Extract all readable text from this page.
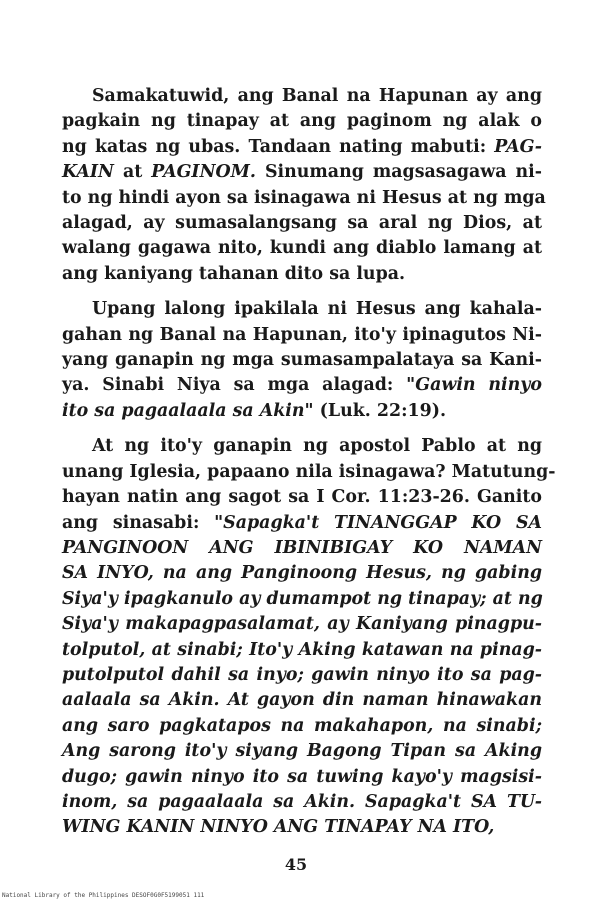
Samakatuwid, ang Banal na Hapunan ay ang
pagkain ng tinapay at ang paginom ng alak o
ng katas ng ubas. Tandaan nating mabuti: PAG-
KAIN at PAGINOM. Sinumang magsasagawa ni-
to ng hindi ayon sa isinagawa ni Hesus at ng mga
alagad, ay sumasalangsang sa aral ng Dios, at
walang gagawa nito, kundi ang diablo lamang at
ang kaniyang tahanan dito sa lupa.

Upang lalong ipakilala ni Hesus ang kahala-
gahan ng Banal na Hapunan, ito'y ipinagutos Ni-
yang ganapin ng mga sumasampalataya sa Kani-
ya. Sinabi Niya sa mga alagad: "Gawin ninyo
ito sa pagaalaala sa Akin" (Luk. 22:19).

At ng ito'y ganapin ng apostol Pablo at ng
unang Iglesia, papaano nila isinagawa? Matutung-
hayan natin ang sagot sa I Cor. 11:23-26. Ganito
ang sinasabi: "Sapagka't TINANGGAP KO SA
PANGINOON ANG IBINIBIGAY KO NAMAN
SA INYO, na ang Panginoong Hesus, ng gabing
Siya'y ipagkanulo ay dumampot ng tinapay; at ng
Siya'y makapagpasalamat, ay Kaniyang pinagpu-
tolputol, at sinabi; Ito'y Aking katawan na pinag-
putolputol dahil sa inyo; gawin ninyo ito sa pag-
aalaala sa Akin. At gayon din naman hinawakan
ang saro pagkatapos na makahapon, na sinabi;
Ang sarong ito'y siyang Bagong Tipan sa Aking
dugo; gawin ninyo ito sa tuwing kayo'y magsisi-
inom, sa pagaalaala sa Akin. Sapagka't SA TU-
WING KANIN NINYO ANG TINAPAY NA ITO,

45
National Library of the Philippines DESOF0G0F5199051 111
